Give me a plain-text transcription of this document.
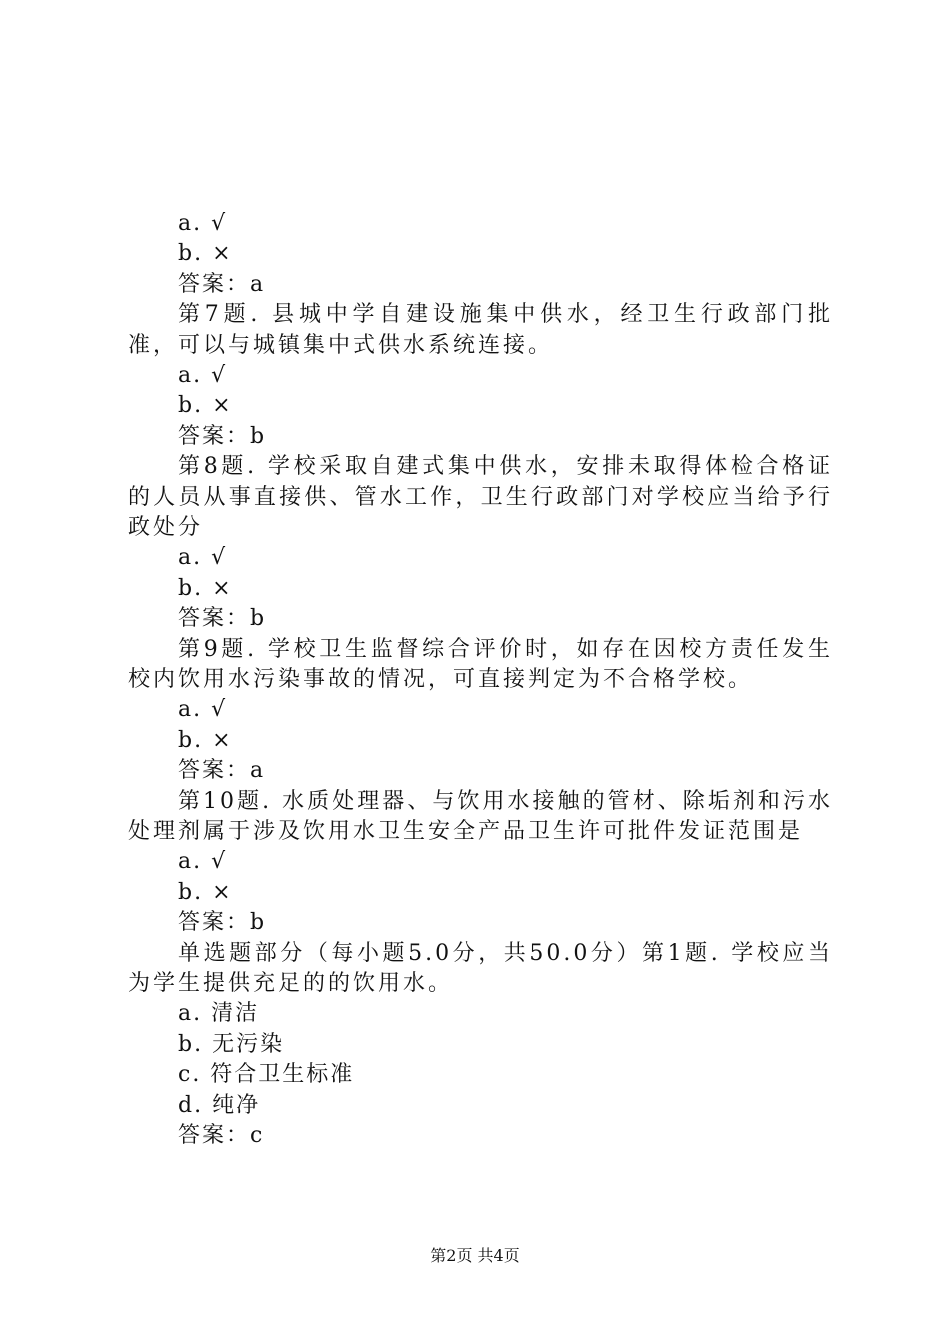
a. √
b. ×
答案：a
第7题. 县城中学自建设施集中供水，经卫生行政部门批准，可以与城镇集中式供水系统连接。
a. √
b. ×
答案：b
第8题. 学校采取自建式集中供水，安排未取得体检合格证的人员从事直接供、管水工作，卫生行政部门对学校应当给予行政处分
a. √
b. ×
答案：b
第9题. 学校卫生监督综合评价时，如存在因校方责任发生校内饮用水污染事故的情况，可直接判定为不合格学校。
a. √
b. ×
答案：a
第10题. 水质处理器、与饮用水接触的管材、除垢剂和污水处理剂属于涉及饮用水卫生安全产品卫生许可批件发证范围是
a. √
b. ×
答案：b
单选题部分（每小题5.0分，共50.0分）第1题. 学校应当为学生提供充足的的饮用水。
a. 清洁
b. 无污染
c. 符合卫生标准
d. 纯净
答案：c
第2页 共4页
